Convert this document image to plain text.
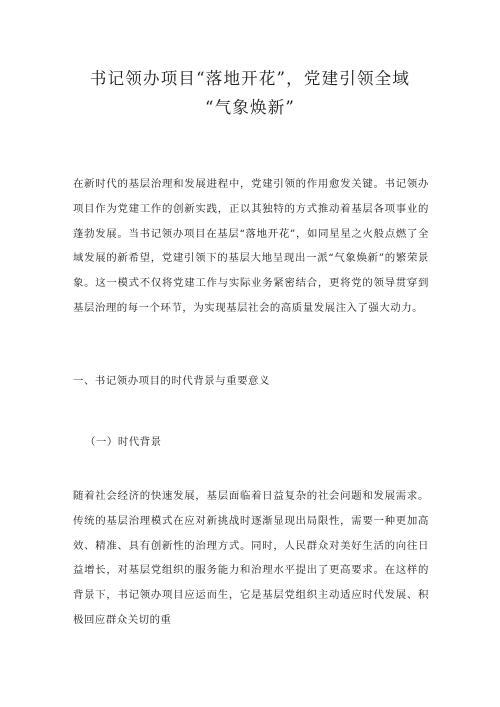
书记领办项目“落地开花”，党建引领全域
“气象焕新”

在新时代的基层治理和发展进程中，党建引领的作用愈发关键。书记领办项目作为党建工作的创新实践，正以其独特的方式推动着基层各项事业的蓬勃发展。当书记领办项目在基层“落地开花”，如同星星之火般点燃了全域发展的新希望，党建引领下的基层大地呈现出一派“气象焕新”的繁荣景象。这一模式不仅将党建工作与实际业务紧密结合，更将党的领导贯穿到基层治理的每一个环节，为实现基层社会的高质量发展注入了强大动力。

一、书记领办项目的时代背景与重要意义
（一）时代背景

随着社会经济的快速发展，基层面临着日益复杂的社会问题和发展需求。传统的基层治理模式在应对新挑战时逐渐显现出局限性，需要一种更加高效、精准、具有创新性的治理方式。同时，人民群众对美好生活的向往日益增长，对基层党组织的服务能力和治理水平提出了更高要求。在这样的背景下，书记领办项目应运而生，它是基层党组织主动适应时代发展、积极回应群众关切的重
